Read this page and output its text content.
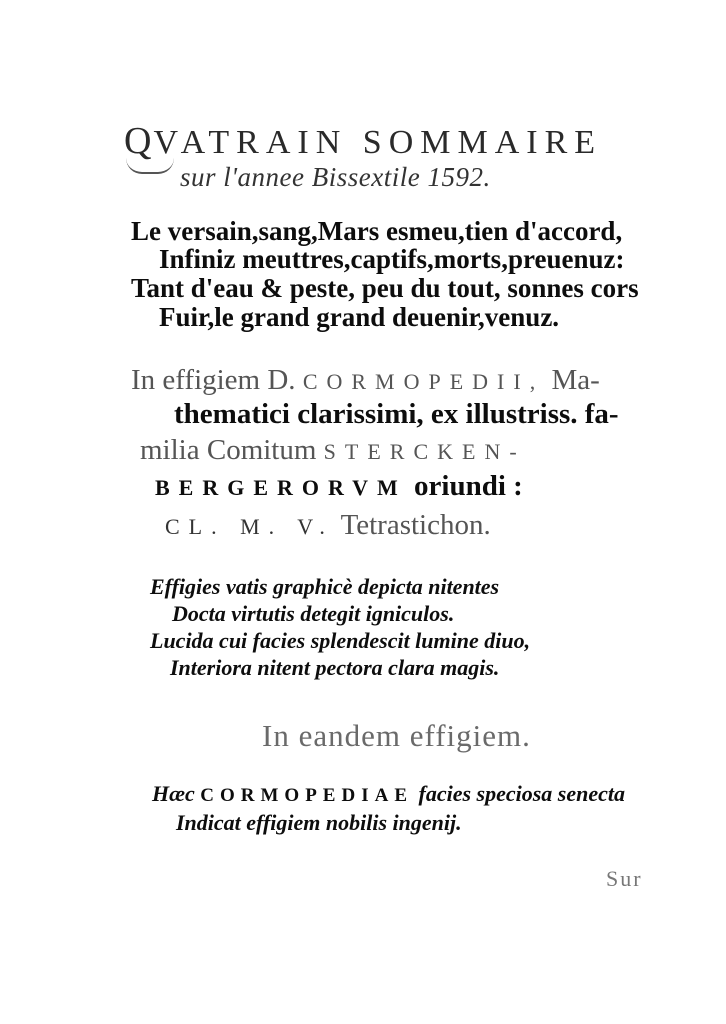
QVATRAIN SOMMAIRE
sur l'annee Bissextile 1592.
Le versain,sang,Mars esmeu,tien d'accord,
Infiniz meuttres,captifs,morts,preuenuz:
Tant d'eau & peste, peu du tout, sonnes cors
Fuir,le grand grand deuenir,venuz.
In effigiem D. CORMOPEDII, Ma-
thematici clarissimi, ex illustriss. fa-
milia Comitum STERCKEN-
BERGERORVM oriundi :
CL. M. V. Tetrastichon.
Effigies vatis graphicè depicta nitentes
Docta virtutis detegit igniculos.
Lucida cui facies splendescit lumine diuo,
Interiora nitent pectora clara magis.
In eandem effigiem.
Hæc CORMOPEDIAE facies speciosa senecta
Indicat effigiem nobilis ingenij.
Sur
